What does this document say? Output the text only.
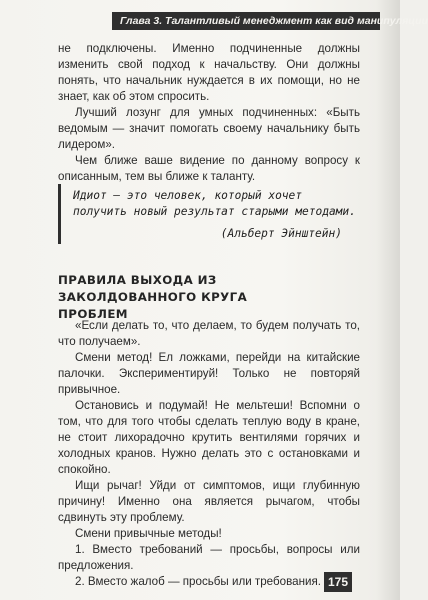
Глава 3. Талантливый менеджмент как вид манипуляции

не подключены. Именно подчиненные должны изменить свой подход к начальству. Они должны понять, что начальник нуждается в их помощи, но не знает, как об этом спросить.

Лучший лозунг для умных подчиненных: «Быть ведомым — значит помогать своему начальнику быть лидером».

Чем ближе ваше видение по данному вопросу к описанным, тем вы ближе к таланту.

Идиот – это человек, который хочет получить новый результат старыми методами.
(Альберт Эйнштейн)
ПРАВИЛА ВЫХОДА ИЗ ЗАКОЛДОВАННОГО КРУГА ПРОБЛЕМ

«Если делать то, что делаем, то будем получать то, что получаем».

Смени метод! Ел ложками, перейди на китайские палочки. Экспериментируй! Только не повторяй привычное.

Остановись и подумай! Не мельтеши! Вспомни о том, что для того чтобы сделать теплую воду в кране, не стоит лихорадочно крутить вентилями горячих и холодных кранов. Нужно делать это с остановками и спокойно.

Ищи рычаг! Уйди от симптомов, ищи глубинную причину! Именно она является рычагом, чтобы сдвинуть эту проблему.

Смени привычные методы!

1. Вместо требований — просьбы, вопросы или предложения.

2. Вместо жалоб — просьбы или требования. 175
